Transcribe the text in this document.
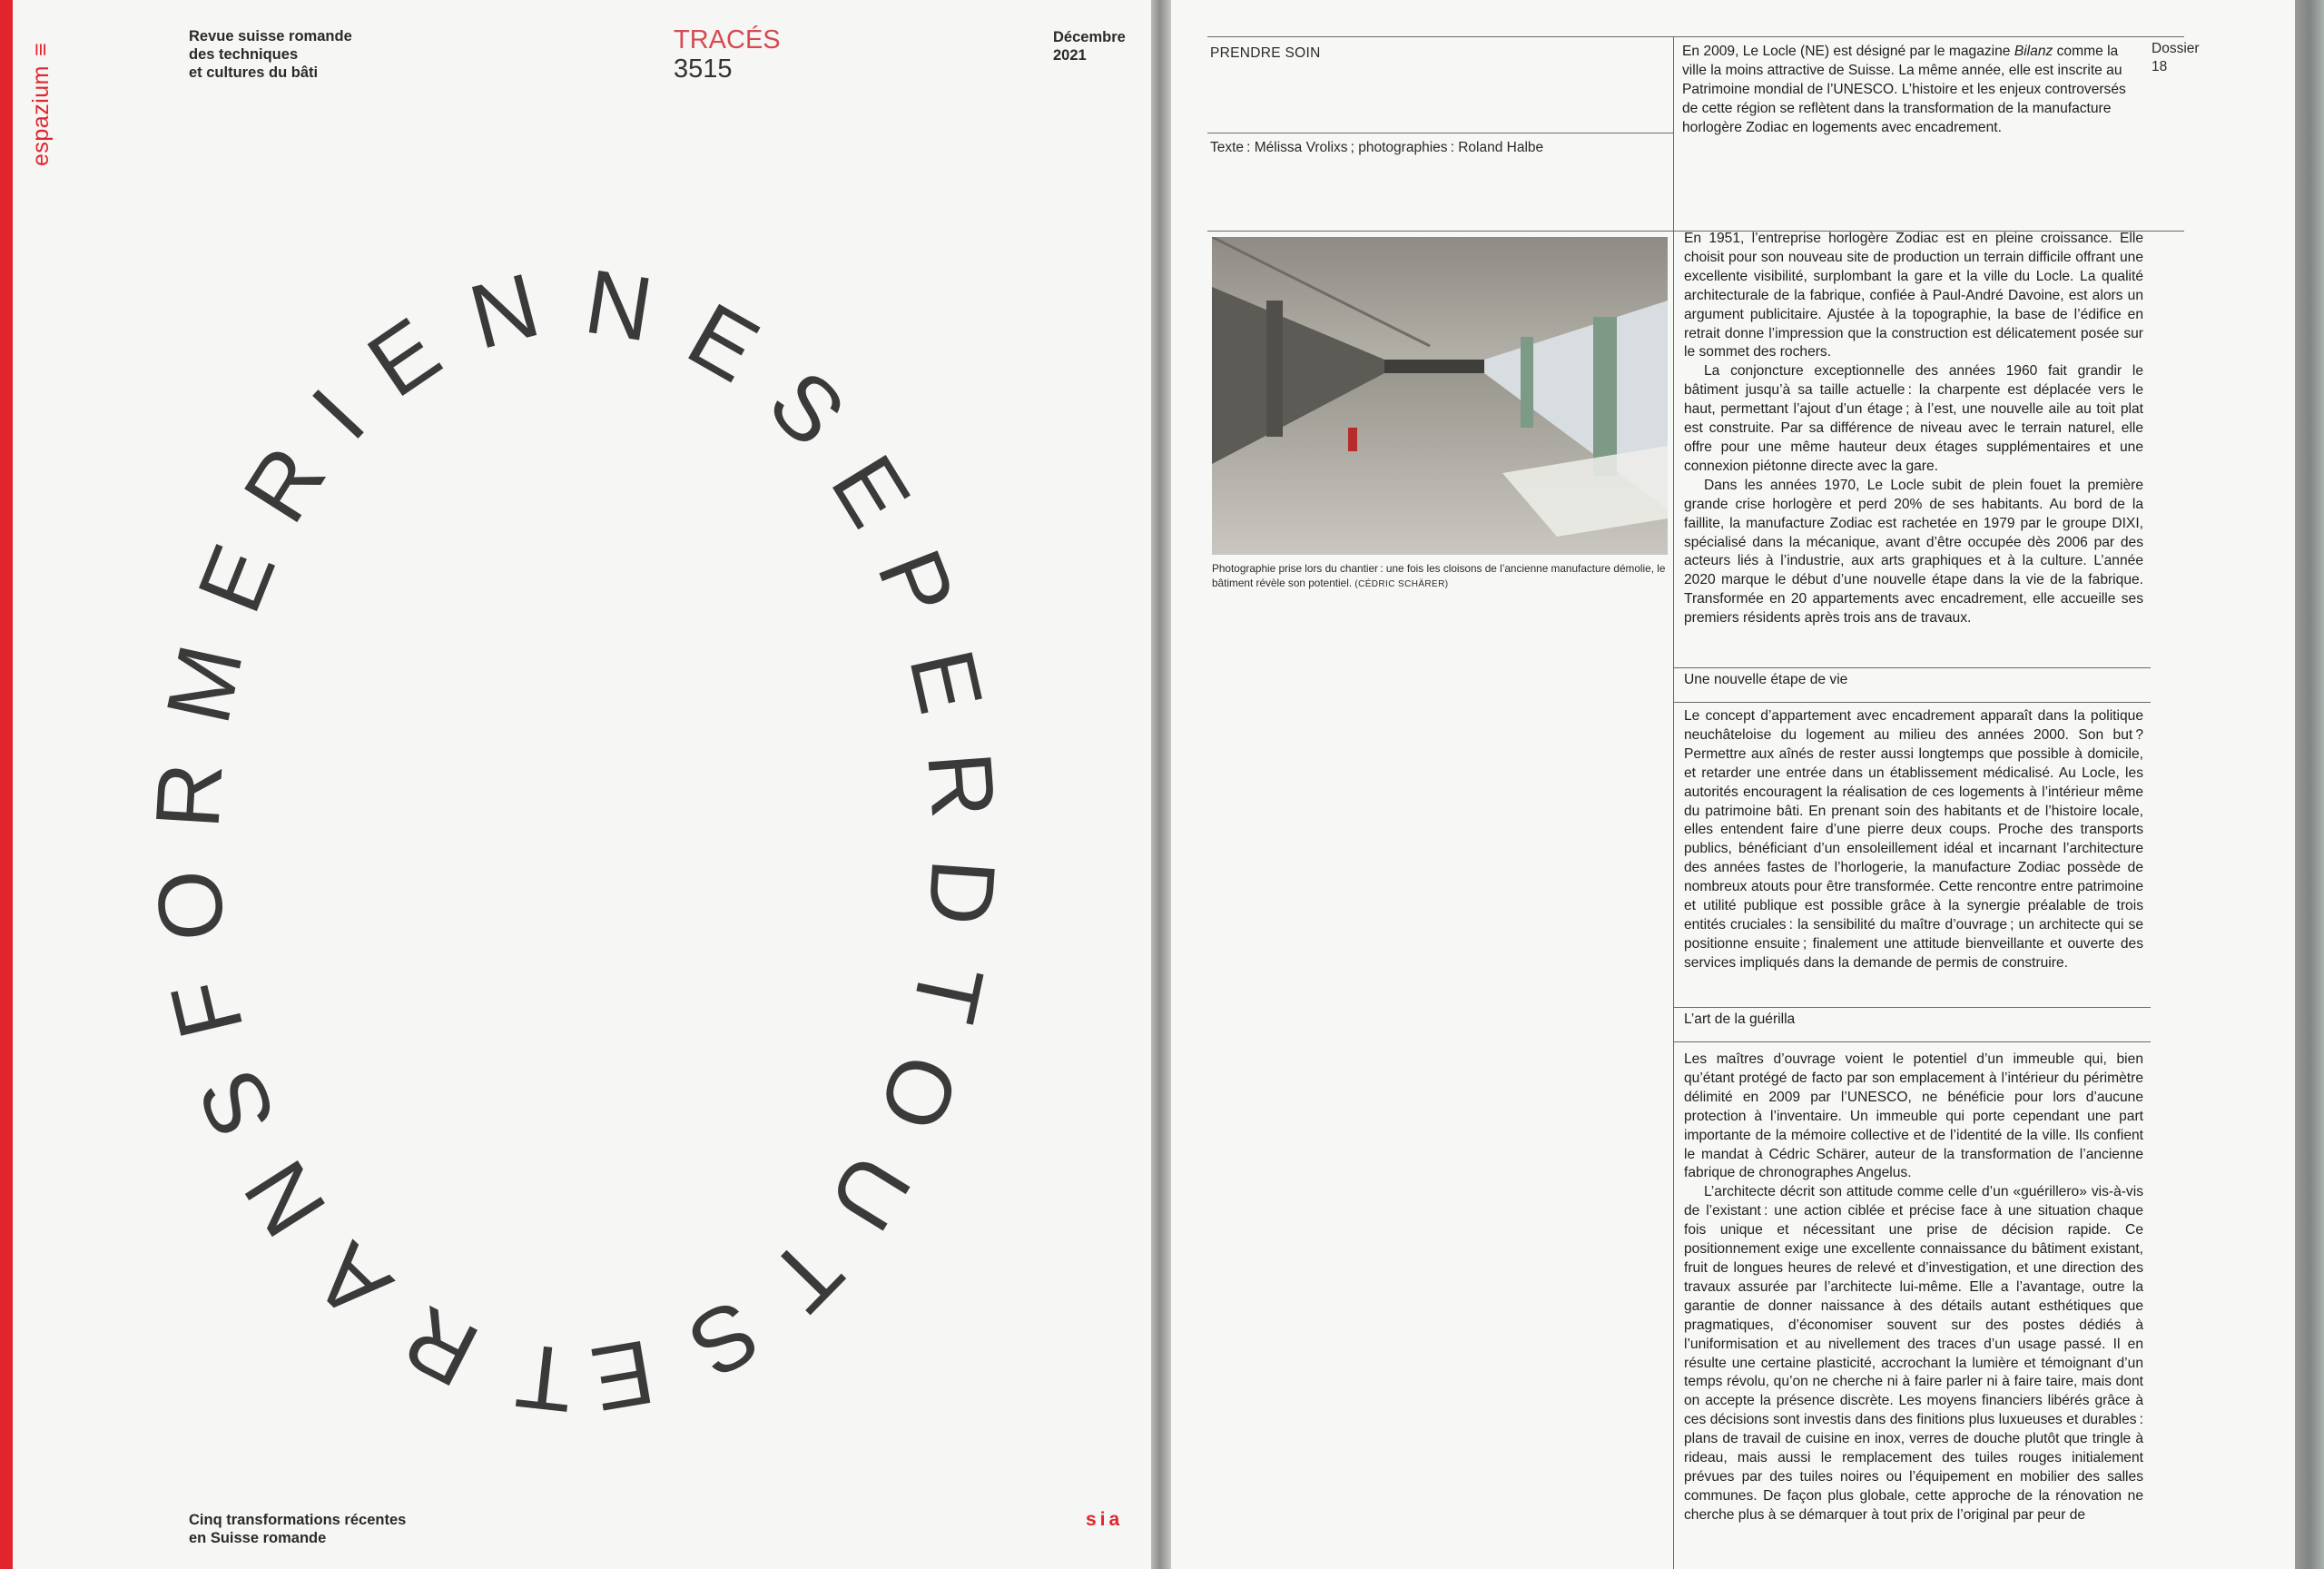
espazium≡
Revue suisse romande
des techniques
et cultures du bâti
TRACÉS
3515
Décembre
2021
TRANSFORMERIENNESEPERDTOUTSE
Cinq transformations récentes
en Suisse romande
sia
PRENDRE SOIN
Texte : Mélissa Vrolixs ; photographies : Roland Halbe
En 2009, Le Locle (NE) est désigné par le magazine Bilanz comme la ville la moins attractive de Suisse. La même année, elle est inscrite au Patrimoine mondial de l’UNESCO. L’histoire et les enjeux controversés de cette région se reflètent dans la transformation de la manufacture horlogère Zodiac en logements avec encadrement.
Dossier
18
Photographie prise lors du chantier : une fois les cloisons de l’ancienne manufacture démolie, le bâtiment révèle son potentiel. (CÉDRIC SCHÄRER)

En 1951, l’entreprise horlogère Zodiac est en pleine croissance. Elle choisit pour son nouveau site de production un terrain difficile offrant une excellente visibilité, surplombant la gare et la ville du Locle. La qualité architecturale de la fabrique, confiée à Paul-André Davoine, est alors un argument publicitaire. Ajustée à la topographie, la base de l’édifice en retrait donne l’impression que la construction est délicatement posée sur le sommet des rochers.

La conjoncture exceptionnelle des années 1960 fait grandir le bâtiment jusqu’à sa taille actuelle : la charpente est déplacée vers le haut, permettant l’ajout d’un étage ; à l’est, une nouvelle aile au toit plat est construite. Par sa différence de niveau avec le terrain naturel, elle offre pour une même hauteur deux étages supplémentaires et une connexion piétonne directe avec la gare.

Dans les années 1970, Le Locle subit de plein fouet la première grande crise horlogère et perd 20% de ses habitants. Au bord de la faillite, la manufacture Zodiac est rachetée en 1979 par le groupe DIXI, spécialisé dans la mécanique, avant d’être occupée dès 2006 par des acteurs liés à l’industrie, aux arts graphiques et à la culture. L’année 2020 marque le début d’une nouvelle étape dans la vie de la fabrique. Transformée en 20 appartements avec encadrement, elle accueille ses premiers résidents après trois ans de travaux.

Une nouvelle étape de vie

Le concept d’appartement avec encadrement apparaît dans la politique neuchâteloise du logement au milieu des années 2000. Son but ? Permettre aux aînés de rester aussi longtemps que possible à domicile, et retarder une entrée dans un établissement médicalisé. Au Locle, les autorités encouragent la réalisation de ces logements à l’intérieur même du patrimoine bâti. En prenant soin des habitants et de l’histoire locale, elles entendent faire d’une pierre deux coups. Proche des transports publics, bénéficiant d’un ensoleillement idéal et incarnant l’architecture des années fastes de l’horlogerie, la manufacture Zodiac possède de nombreux atouts pour être transformée. Cette rencontre entre patrimoine et utilité publique est possible grâce à la synergie préalable de trois entités cruciales : la sensibilité du maître d’ouvrage ; un architecte qui se positionne ensuite ; finalement une attitude bienveillante et ouverte des services impliqués dans la demande de permis de construire.

L’art de la guérilla

Les maîtres d’ouvrage voient le potentiel d’un immeuble qui, bien qu’étant protégé de facto par son emplacement à l’intérieur du périmètre délimité en 2009 par l’UNESCO, ne bénéficie pour lors d’aucune protection à l’inventaire. Un immeuble qui porte cependant une part importante de la mémoire collective et de l’identité de la ville. Ils confient le mandat à Cédric Schärer, auteur de la transformation de l’ancienne fabrique de chronographes Angelus.

L’architecte décrit son attitude comme celle d’un «guérillero» vis-à-vis de l’existant : une action ciblée et précise face à une situation chaque fois unique et nécessitant une prise de décision rapide. Ce positionnement exige une excellente connaissance du bâtiment existant, fruit de longues heures de relevé et d’investigation, et une direction des travaux assurée par l’architecte lui-même. Elle a l’avantage, outre la garantie de donner naissance à des détails autant esthétiques que pragmatiques, d’économiser souvent sur des postes dédiés à l’uniformisation et au nivellement des traces d’un usage passé. Il en résulte une certaine plasticité, accrochant la lumière et témoignant d’un temps révolu, qu’on ne cherche ni à faire parler ni à faire taire, mais dont on accepte la présence discrète. Les moyens financiers libérés grâce à ces décisions sont investis dans des finitions plus luxueuses et durables : plans de travail de cuisine en inox, verres de douche plutôt que tringle à rideau, mais aussi le remplacement des tuiles rouges initialement prévues par des tuiles noires ou l’équipement en mobilier des salles communes. De façon plus globale, cette approche de la rénovation ne cherche plus à se démarquer à tout prix de l’original par peur de
